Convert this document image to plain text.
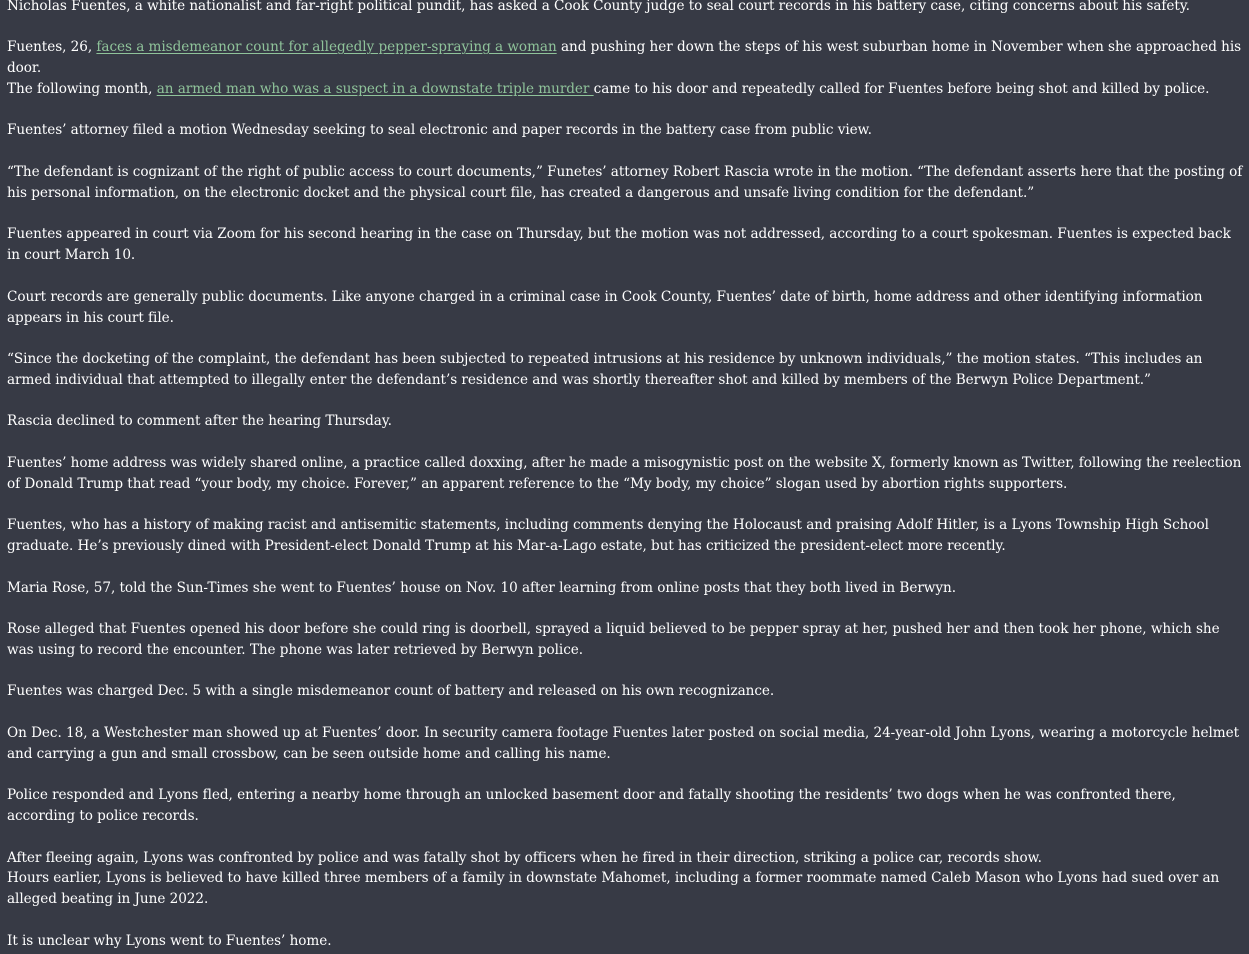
Nicholas Fuentes, a white nationalist and far-right political pundit, has asked a Cook County judge to seal court records in his battery case, citing concerns about his safety.

Fuentes, 26, faces a misdemeanor count for allegedly pepper-spraying a woman and pushing her down the steps of his west suburban home in November when she approached his door.

The following month, an armed man who was a suspect in a downstate triple murder came to his door and repeatedly called for Fuentes before being shot and killed by police.

Fuentes’ attorney filed a motion Wednesday seeking to seal electronic and paper records in the battery case from public view.

“The defendant is cognizant of the right of public access to court documents,” Funetes’ attorney Robert Rascia wrote in the motion. “The defendant asserts here that the posting of his personal information, on the electronic docket and the physical court file, has created a dangerous and unsafe living condition for the defendant.”

Fuentes appeared in court via Zoom for his second hearing in the case on Thursday, but the motion was not addressed, according to a court spokesman. Fuentes is expected back in court March 10.

Court records are generally public documents. Like anyone charged in a criminal case in Cook County, Fuentes’ date of birth, home address and other identifying information appears in his court file.

“Since the docketing of the complaint, the defendant has been subjected to repeated intrusions at his residence by unknown individuals,” the motion states. “This includes an armed individual that attempted to illegally enter the defendant’s residence and was shortly thereafter shot and killed by members of the Berwyn Police Department.”

Rascia declined to comment after the hearing Thursday.

Fuentes’ home address was widely shared online, a practice called doxxing, after he made a misogynistic post on the website X, formerly known as Twitter, following the reelection of Donald Trump that read “your body, my choice. Forever,” an apparent reference to the “My body, my choice” slogan used by abortion rights supporters.

Fuentes, who has a history of making racist and antisemitic statements, including comments denying the Holocaust and praising Adolf Hitler, is a Lyons Township High School graduate. He’s previously dined with President-elect Donald Trump at his Mar-a-Lago estate, but has criticized the president-elect more recently.

Maria Rose, 57, told the Sun-Times she went to Fuentes’ house on Nov. 10 after learning from online posts that they both lived in Berwyn.

Rose alleged that Fuentes opened his door before she could ring is doorbell, sprayed a liquid believed to be pepper spray at her, pushed her and then took her phone, which she was using to record the encounter. The phone was later retrieved by Berwyn police.

Fuentes was charged Dec. 5 with a single misdemeanor count of battery and released on his own recognizance.

On Dec. 18, a Westchester man showed up at Fuentes’ door. In security camera footage Fuentes later posted on social media, 24-year-old John Lyons, wearing a motorcycle helmet and carrying a gun and small crossbow, can be seen outside home and calling his name.

Police responded and Lyons fled, entering a nearby home through an unlocked basement door and fatally shooting the residents’ two dogs when he was confronted there, according to police records.

After fleeing again, Lyons was confronted by police and was fatally shot by officers when he fired in their direction, striking a police car, records show.

Hours earlier, Lyons is believed to have killed three members of a family in downstate Mahomet, including a former roommate named Caleb Mason who Lyons had sued over an alleged beating in June 2022.

It is unclear why Lyons went to Fuentes’ home.
